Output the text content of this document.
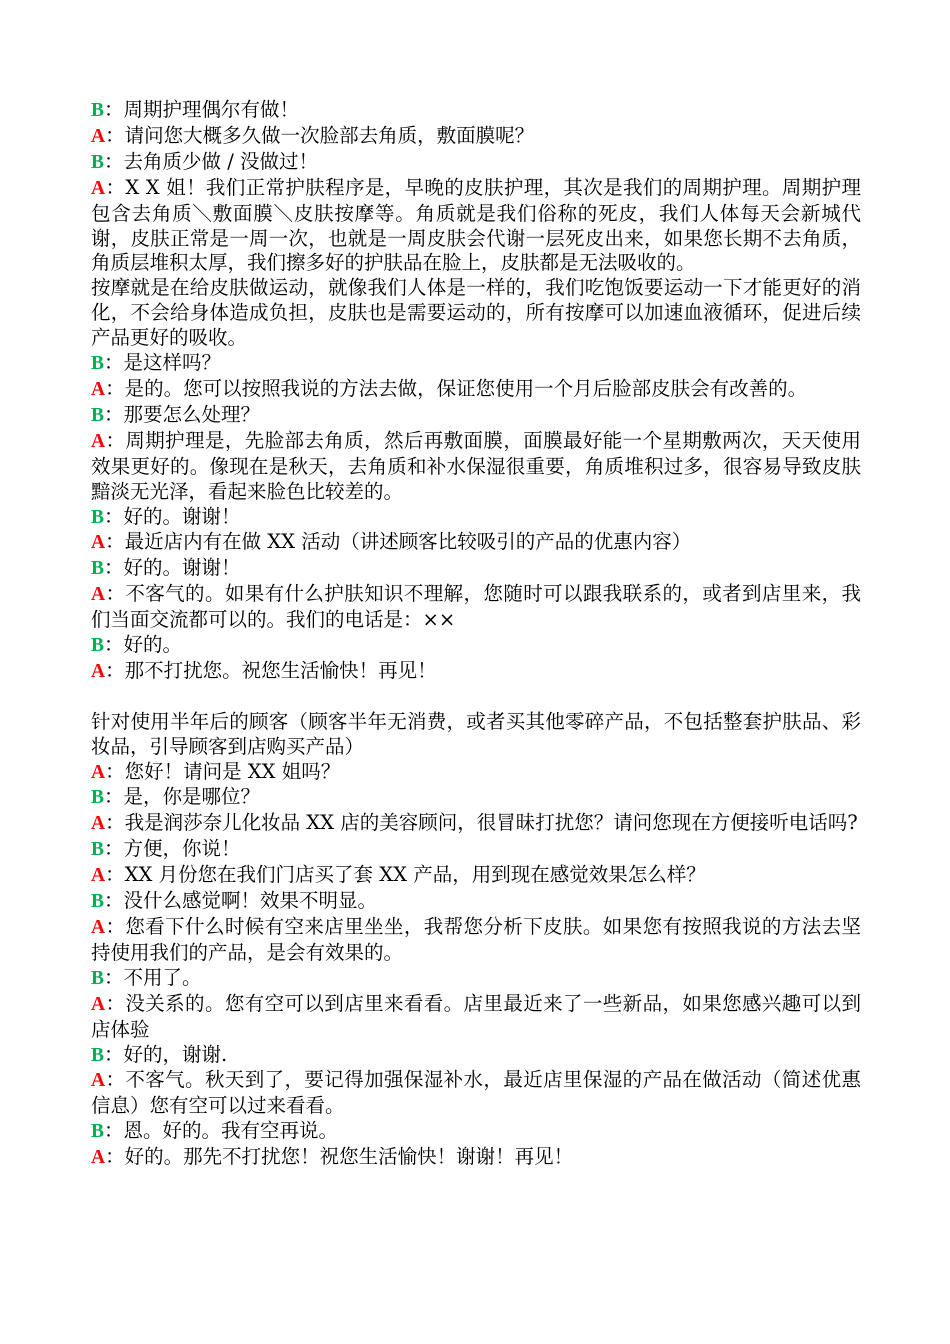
B：周期护理偶尔有做！

A：请问您大概多久做一次脸部去角质，敷面膜呢？

B：去角质少做 / 没做过！

A：X X 姐！我们正常护肤程序是，早晚的皮肤护理，其次是我们的周期护理。周期护理包含去角质＼敷面膜＼皮肤按摩等。角质就是我们俗称的死皮，我们人体每天会新城代谢，皮肤正常是一周一次，也就是一周皮肤会代谢一层死皮出来，如果您长期不去角质，角质层堆积太厚，我们擦多好的护肤品在脸上，皮肤都是无法吸收的。

按摩就是在给皮肤做运动，就像我们人体是一样的，我们吃饱饭要运动一下才能更好的消化，不会给身体造成负担，皮肤也是需要运动的，所有按摩可以加速血液循环，促进后续产品更好的吸收。

B：是这样吗？

A：是的。您可以按照我说的方法去做，保证您使用一个月后脸部皮肤会有改善的。

B：那要怎么处理？

A：周期护理是，先脸部去角质，然后再敷面膜，面膜最好能一个星期敷两次，天天使用效果更好的。像现在是秋天，去角质和补水保湿很重要，角质堆积过多，很容易导致皮肤黯淡无光泽，看起来脸色比较差的。

B：好的。谢谢！

A：最近店内有在做 XX 活动（讲述顾客比较吸引的产品的优惠内容）

B：好的。谢谢！

A：不客气的。如果有什么护肤知识不理解，您随时可以跟我联系的，或者到店里来，我们当面交流都可以的。我们的电话是：××

B：好的。

A：那不打扰您。祝您生活愉快！再见！

针对使用半年后的顾客（顾客半年无消费，或者买其他零碎产品，不包括整套护肤品、彩妆品，引导顾客到店购买产品）

A：您好！请问是 XX 姐吗？

B：是，你是哪位？

A：我是润莎奈儿化妆品 XX 店的美容顾问，很冒昧打扰您？请问您现在方便接听电话吗?

B：方便，你说！

A：XX 月份您在我们门店买了套 XX 产品，用到现在感觉效果怎么样？

B：没什么感觉啊！效果不明显。

A：您看下什么时候有空来店里坐坐，我帮您分析下皮肤。如果您有按照我说的方法去坚持使用我们的产品，是会有效果的。

B：不用了。

A：没关系的。您有空可以到店里来看看。店里最近来了一些新品，如果您感兴趣可以到店体验

B：好的，谢谢.

A：不客气。秋天到了，要记得加强保湿补水，最近店里保湿的产品在做活动（简述优惠信息）您有空可以过来看看。

B：恩。好的。我有空再说。

A：好的。那先不打扰您！祝您生活愉快！谢谢！再见！
